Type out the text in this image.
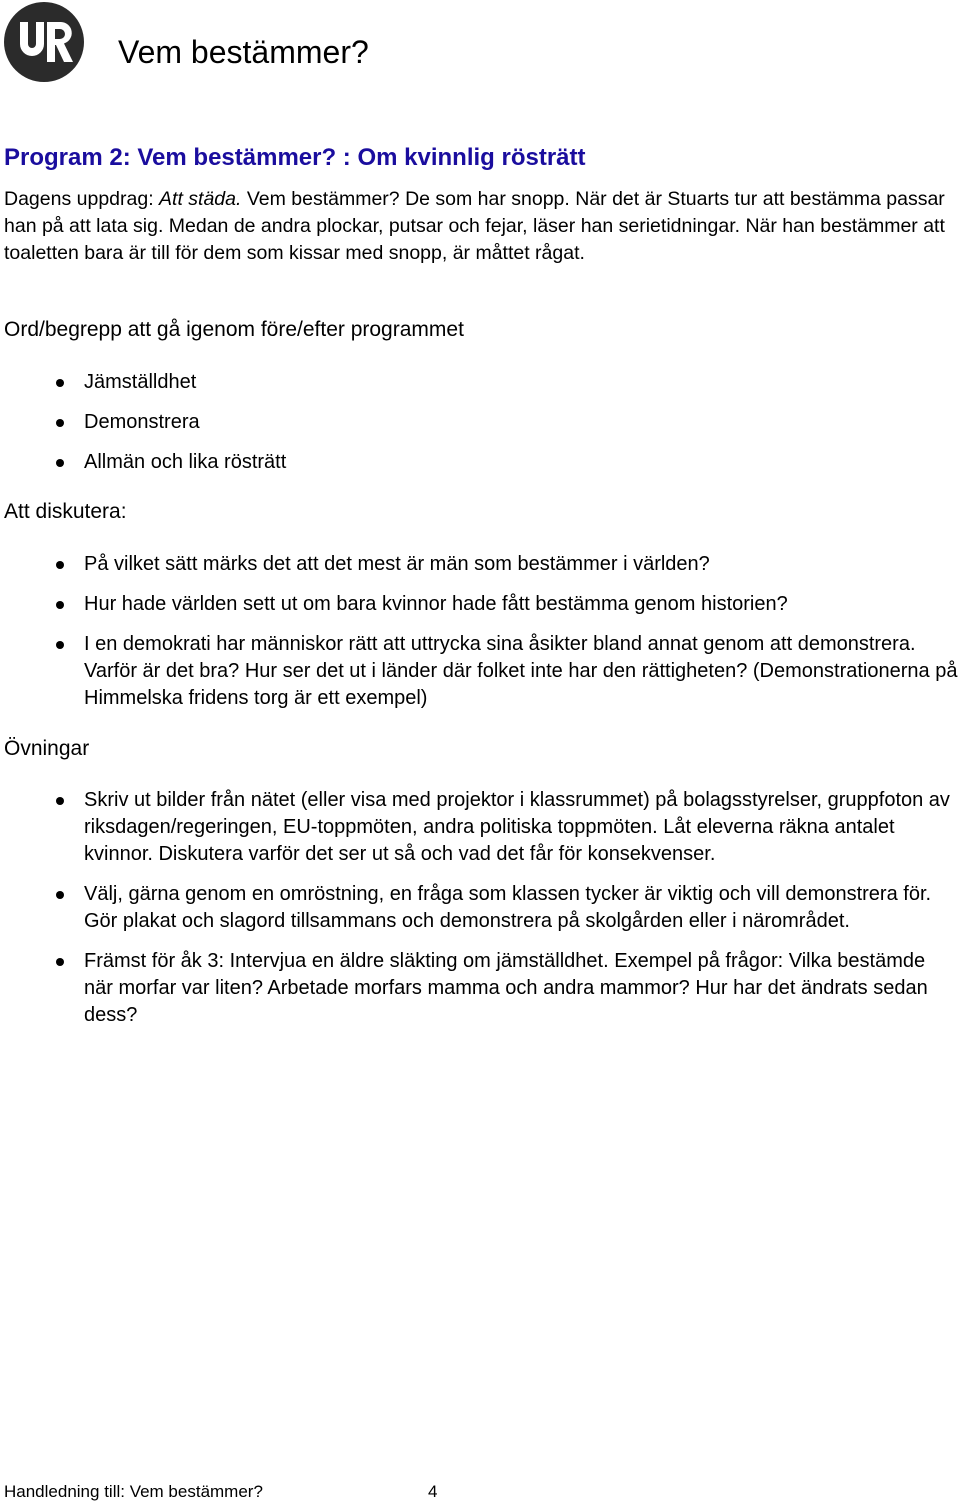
Vem bestämmer?
Program 2: Vem bestämmer? : Om kvinnlig rösträtt

Dagens uppdrag: Att städa. Vem bestämmer? De som har snopp. När det är Stuarts tur att bestämma passar han på att lata sig. Medan de andra plockar, putsar och fejar, läser han serietidningar. När han bestämmer att toaletten bara är till för dem som kissar med snopp, är måttet rågat.

Ord/begrepp att gå igenom före/efter programmet
Jämställdhet
Demonstrera
Allmän och lika rösträtt
Att diskutera:
På vilket sätt märks det att det mest är män som bestämmer i världen?
Hur hade världen sett ut om bara kvinnor hade fått bestämma genom historien?
I en demokrati har människor rätt att uttrycka sina åsikter bland annat genom att demonstrera. Varför är det bra? Hur ser det ut i länder där folket inte har den rättigheten? (Demonstrationerna på Himmelska fridens torg är ett exempel)
Övningar
Skriv ut bilder från nätet (eller visa med projektor i klassrummet) på bolagsstyrelser, gruppfoton av riksdagen/regeringen, EU-toppmöten, andra politiska toppmöten. Låt eleverna räkna antalet kvinnor. Diskutera varför det ser ut så och vad det får för konsekvenser.
Välj, gärna genom en omröstning, en fråga som klassen tycker är viktig och vill demonstrera för. Gör plakat och slagord tillsammans och demonstrera på skolgården eller i närområdet.
Främst för åk 3: Intervjua en äldre släkting om jämställdhet. Exempel på frågor: Vilka bestämde när morfar var liten? Arbetade morfars mamma och andra mammor? Hur har det ändrats sedan dess?

Handledning till: Vem bestämmer?	4
